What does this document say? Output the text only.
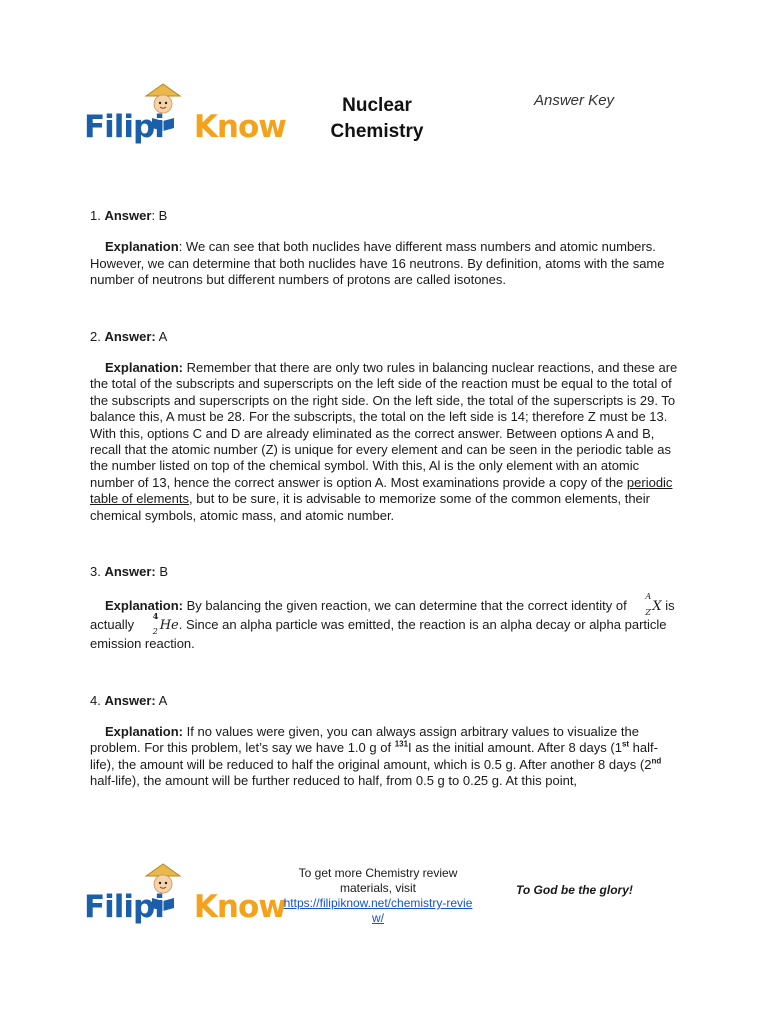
Filipi Know
Nuclear
Chemistry
Answer Key

1. Answer: B

Explanation: We can see that both nuclides have different mass numbers and atomic numbers. However, we can determine that both nuclides have 16 neutrons. By definition, atoms with the same number of neutrons but different numbers of protons are called isotones.

2. Answer: A

Explanation: Remember that there are only two rules in balancing nuclear reactions, and these are the total of the subscripts and superscripts on the left side of the reaction must be equal to the total of the subscripts and superscripts on the right side. On the left side, the total of the superscripts is 29. To balance this, A must be 28. For the subscripts, the total on the left side is 14; therefore Z must be 13. With this, options C and D are already eliminated as the correct answer. Between options A and B, recall that the atomic number (Z) is unique for every element and can be seen in the periodic table as the number listed on top of the chemical symbol. With this, Al is the only element with an atomic number of 13, hence the correct answer is option A. Most examinations provide a copy of the periodic table of elements, but to be sure, it is advisable to memorize some of the common elements, their chemical symbols, atomic mass, and atomic number.

3. Answer: B

Explanation: By balancing the given reaction, we can determine that the correct identity of
A
Z X is actually
4
2 He. Since an alpha particle was emitted, the reaction is an alpha decay or alpha particle emission reaction.

4. Answer: A

Explanation: If no values were given, you can always assign arbitrary values to visualize the problem. For this problem, let’s say we have 1.0 g of $^{131}$I as the initial amount. After 8 days (1st half-life), the amount will be reduced to half the original amount, which is 0.5 g. After another 8 days (2nd half-life), the amount will be further reduced to half, from 0.5 g to 0.25 g. At this point,

Filipi Know
To get more Chemistry review materials, visit
https://filipiknow.net/chemistry-review/
To God be the glory!
